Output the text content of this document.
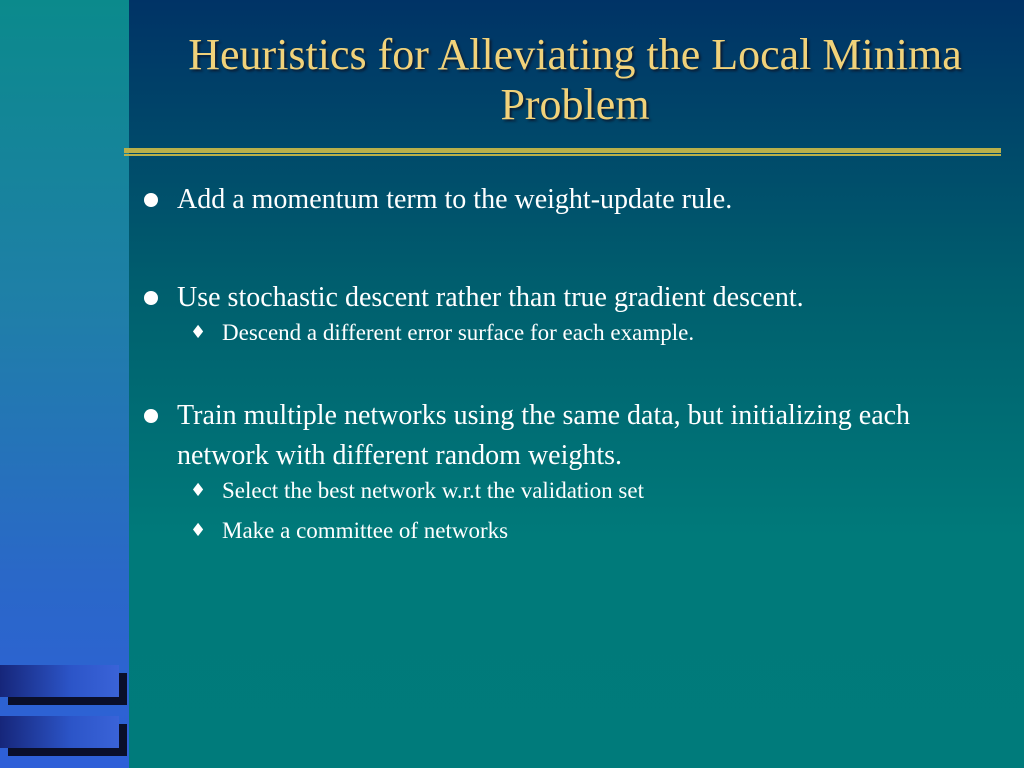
Heuristics for Alleviating the Local Minima Problem
Add a momentum term to the weight-update rule.
Use stochastic descent rather than true gradient descent.
♦ Descend a different error surface for each example.
Train multiple networks using the same data, but initializing each network with different random weights.
♦ Select the best network w.r.t the validation set
♦ Make a committee of networks
